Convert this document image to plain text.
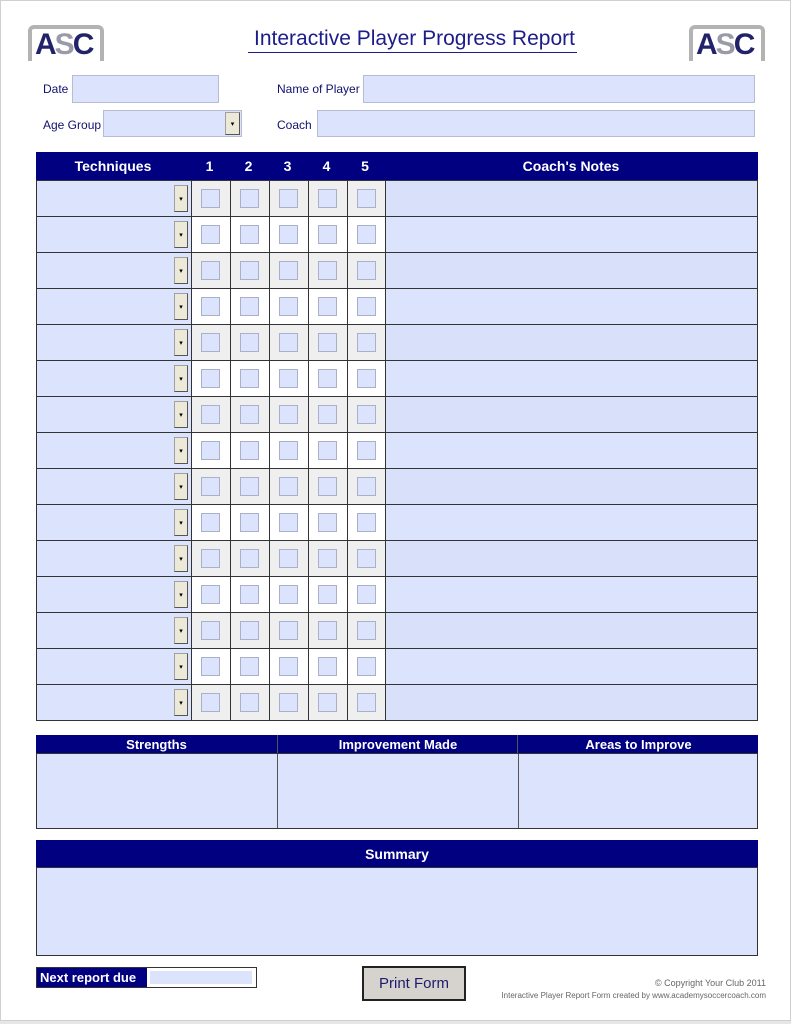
ASC	Interactive Player Progress Report	ASC
Date
Age Group	▾
Name of Player
Coach
Techniques	1	2	3	4	5	Coach's Notes
▾
▾
▾
▾
▾
▾
▾
▾
▾
▾
▾
▾
▾
▾
▾
Strengths	Improvement Made	Areas to Improve
Summary
Next report due	Print Form	© Copyright Your Club 2011
Interactive Player Report Form created by www.academysoccercoach.com
